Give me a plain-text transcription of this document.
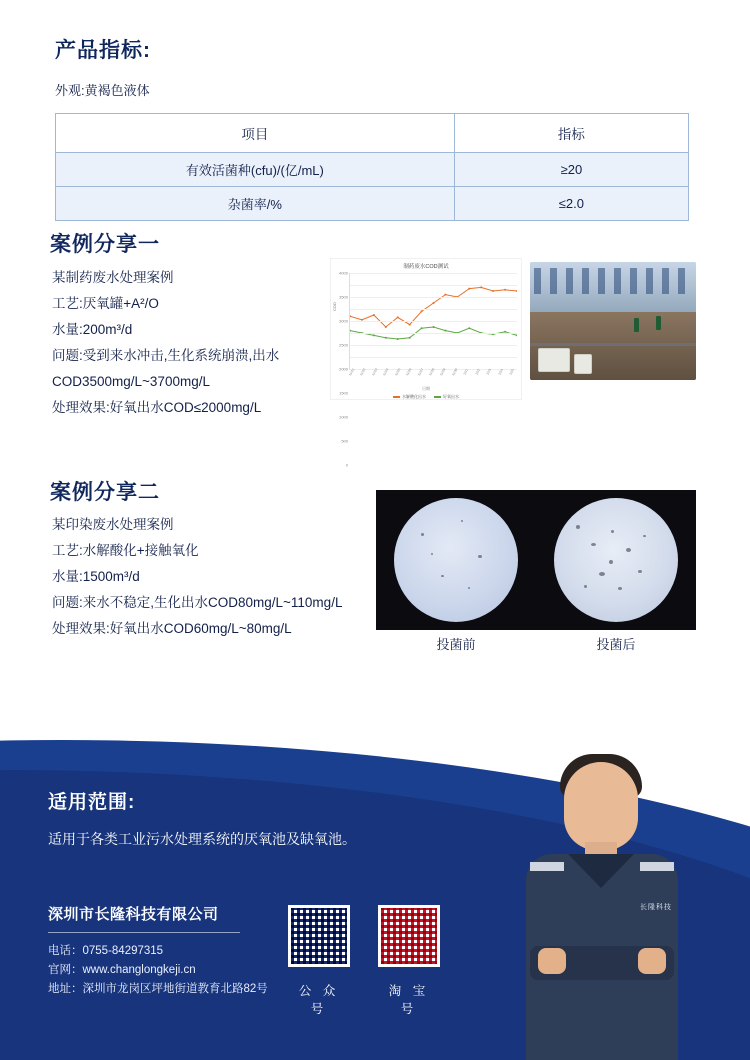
产品指标:
外观:黄褐色液体
项目	指标
有效活菌种(cfu)/(亿/mL)	≥20
杂菌率/%	≤2.0
案例分享一
某制药废水处理案例
工艺:厌氧罐+A²/O
水量:200m³/d
问题:受到来水冲击,生化系统崩溃,出水
COD3500mg/L~3700mg/L
处理效果:好氧出水COD≤2000mg/L
制药废水COD测试
COD
0
500
1000
1500
2000
2500
3000
3500
4000
11/21 11/22 11/23 11/24 11/25 11/26 11/27 11/28 11/29 11/30 12/1 12/2 12/3 12/4 12/5
日期
水解酸化出水	好氧出水
案例分享二
某印染废水处理案例
工艺:水解酸化+接触氧化
水量:1500m³/d
问题:来水不稳定,生化出水COD80mg/L~110mg/L
处理效果:好氧出水COD60mg/L~80mg/L
投菌前	投菌后
适用范围:
适用于各类工业污水处理系统的厌氧池及缺氧池。
深圳市长隆科技有限公司
电话：0755-84297315
官网：www.changlongkeji.cn
地址：深圳市龙岗区坪地街道教育北路82号	公 众 号
淘 宝 号
长隆科技
